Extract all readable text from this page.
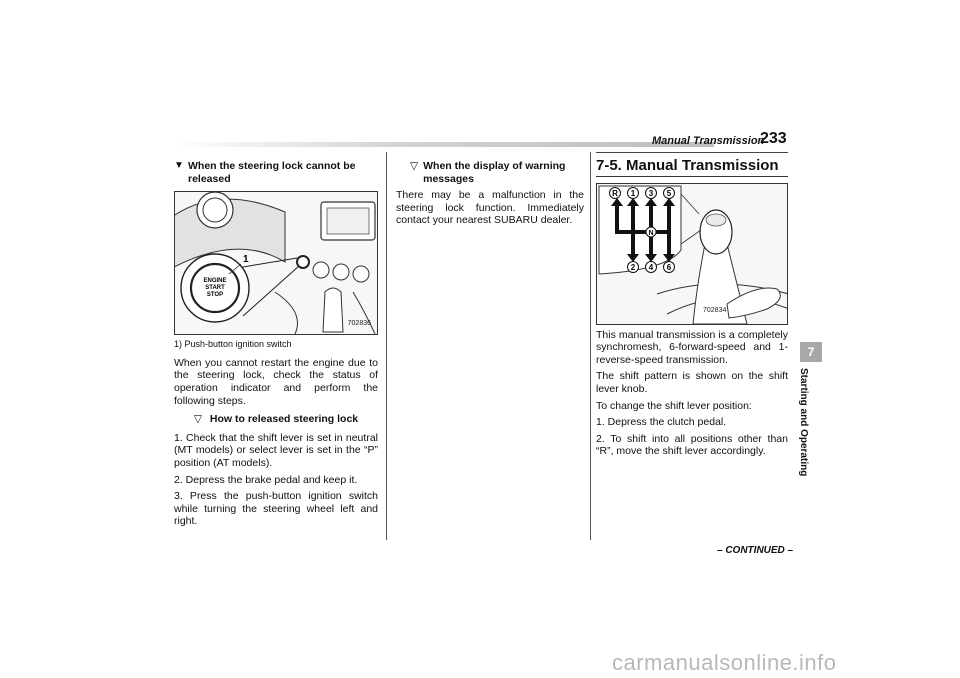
Manual Transmission
233
▼ When the steering lock cannot be released
ENGINE
START
STOP
1
702836
1) Push-button ignition switch

When you cannot restart the engine due to the steering lock, check the status of operation indicator and perform the following steps.

▽ How to released steering lock

1. Check that the shift lever is set in neutral (MT models) or select lever is set in the “P” position (AT models).

2. Depress the brake pedal and keep it.

3. Press the push-button ignition switch while turning the steering wheel left and right.

▽ When the display of warning messages

There may be a malfunction in the steering lock function. Immediately contact your nearest SUBARU dealer.

7-5. Manual Transmission
R 1 3 5
2 4 6
N
702834

This manual transmission is a completely synchromesh, 6-forward-speed and 1-reverse-speed transmission.

The shift pattern is shown on the shift lever knob.

To change the shift lever position:

1. Depress the clutch pedal.

2. To shift into all positions other than “R”, move the shift lever accordingly.

7
Starting and Operating
– CONTINUED –
carmanualsonline.info
